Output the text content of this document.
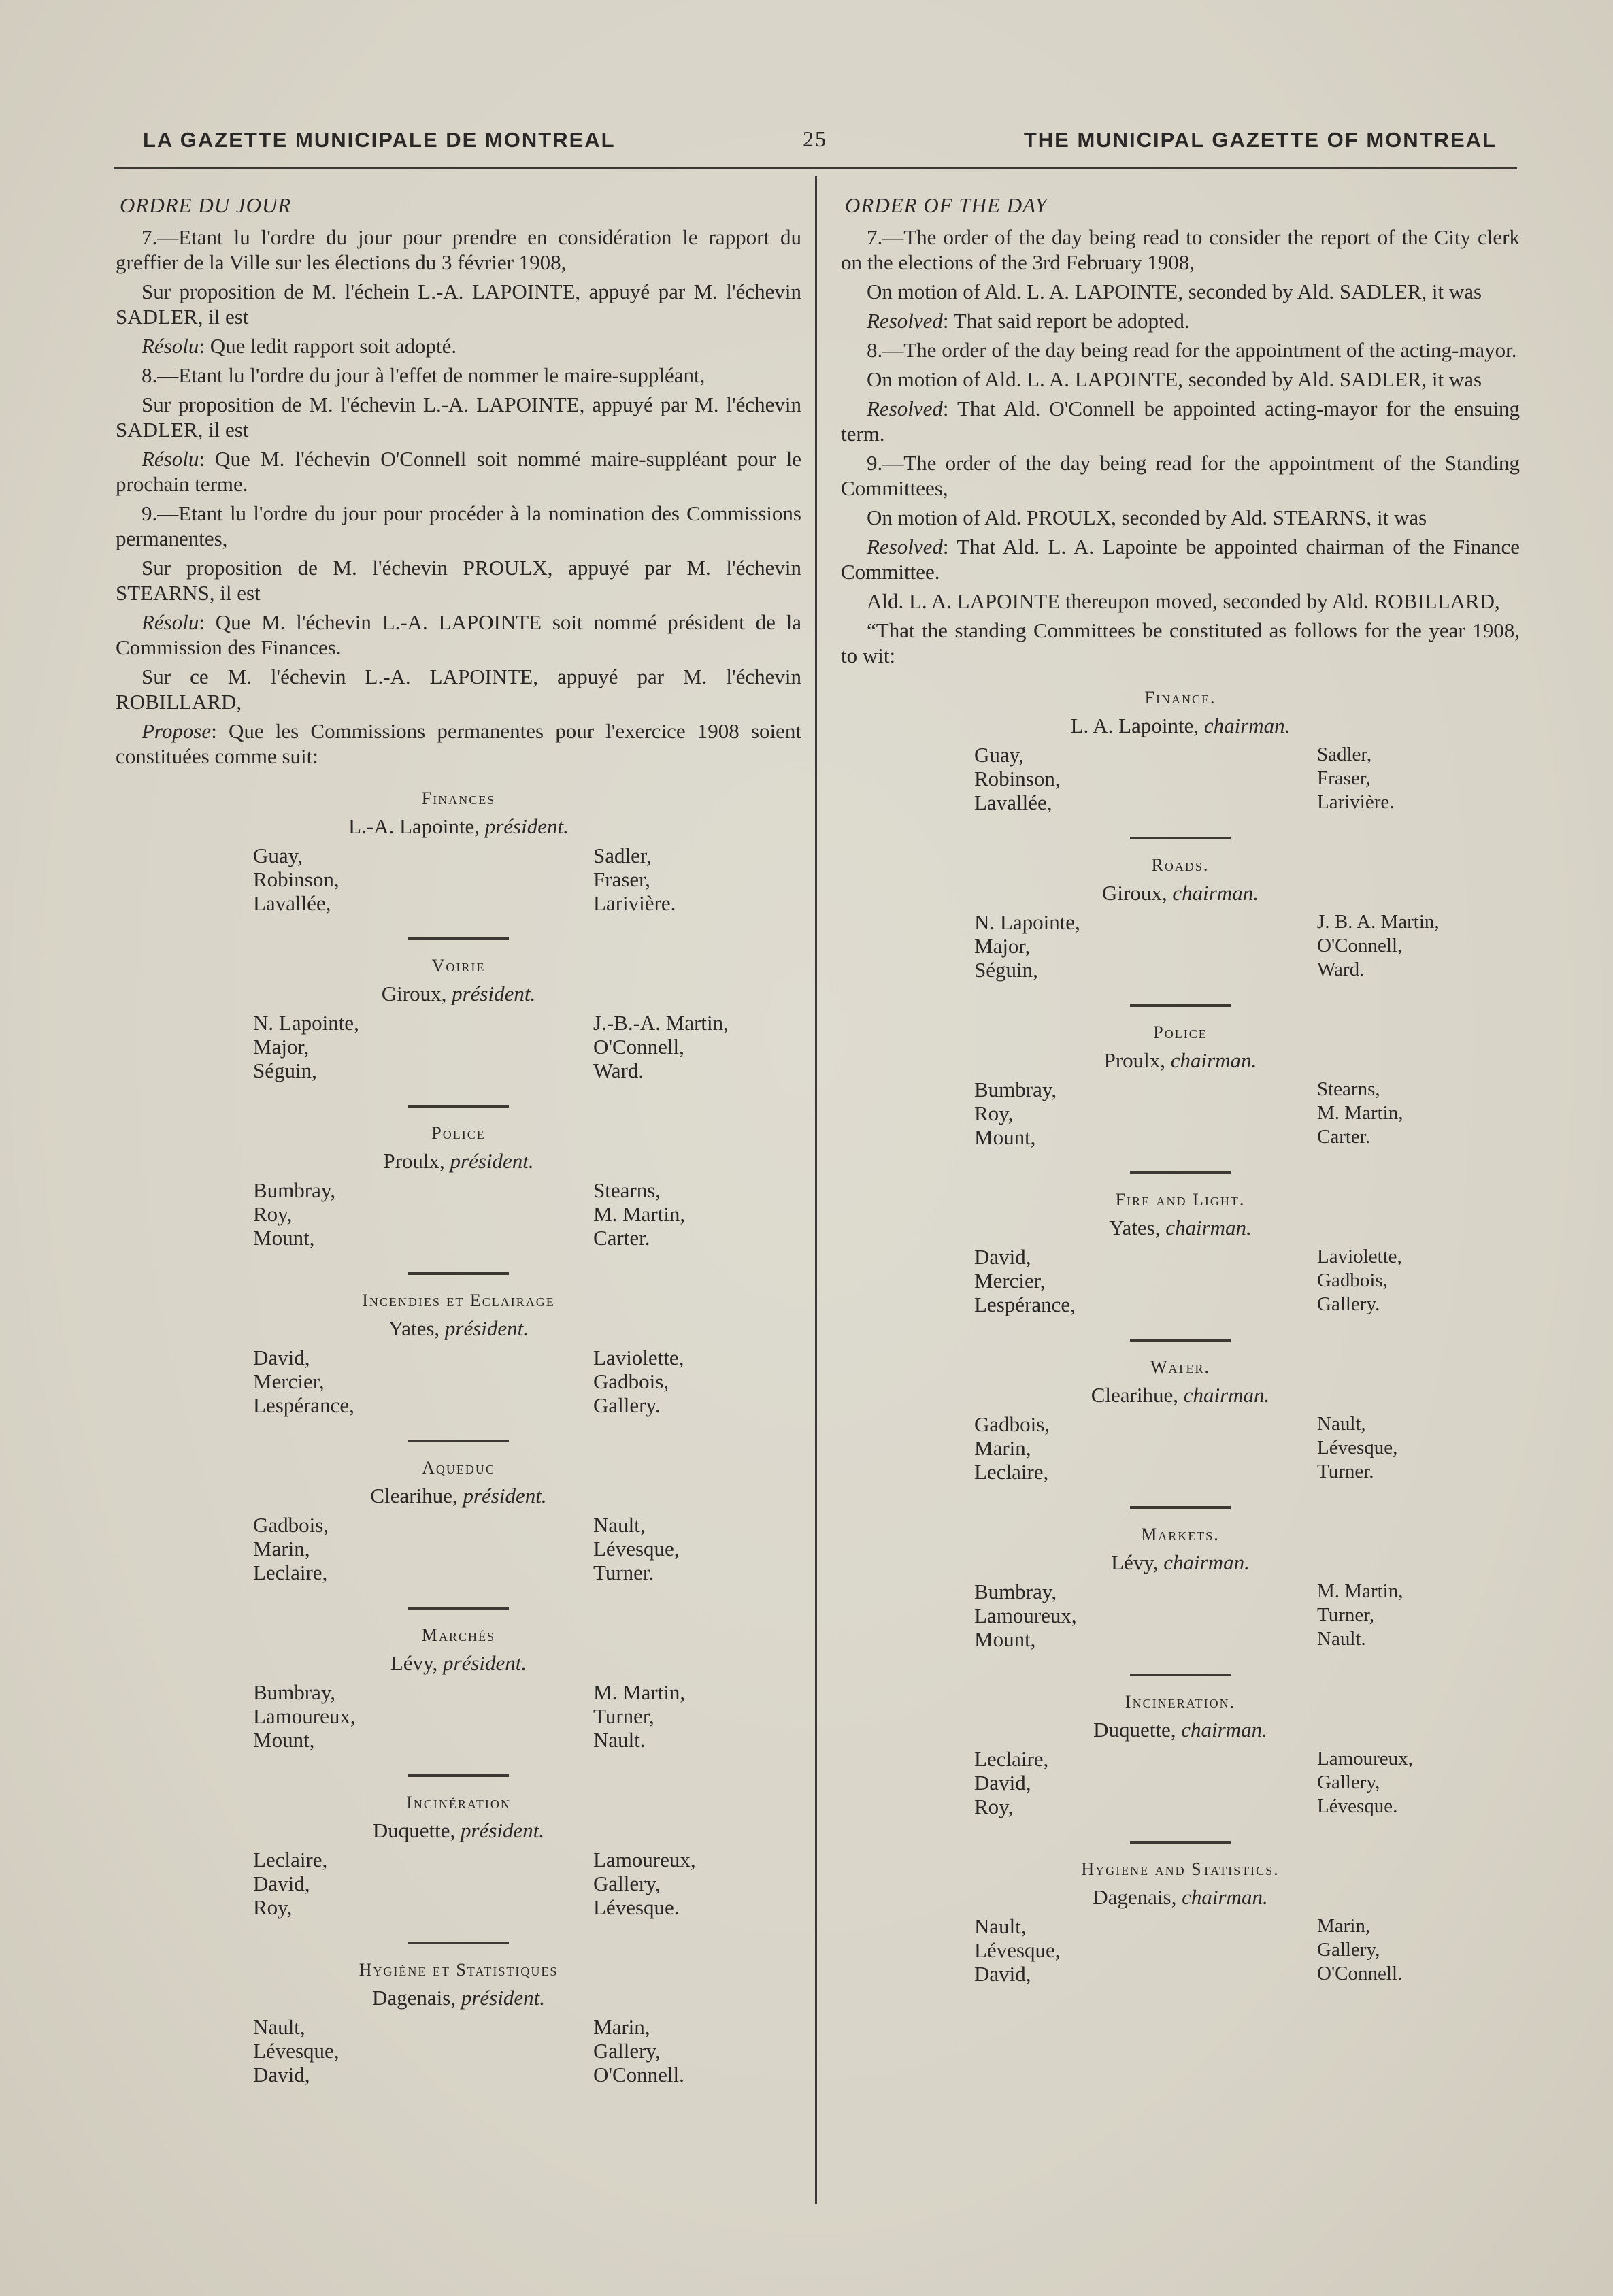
LA GAZETTE MUNICIPALE DE MONTREAL	25	THE MUNICIPAL GAZETTE OF MONTREAL
ORDRE DU JOUR

7.—Etant lu l'ordre du jour pour prendre en considération le rapport du greffier de la Ville sur les élections du 3 février 1908,

Sur proposition de M. l'échein L.-A. LAPOINTE, appuyé par M. l'échevin SADLER, il est

Résolu: Que ledit rapport soit adopté.

8.—Etant lu l'ordre du jour à l'effet de nommer le maire-suppléant,

Sur proposition de M. l'échevin L.-A. LAPOINTE, appuyé par M. l'échevin SADLER, il est

Résolu: Que M. l'échevin O'Connell soit nommé maire-suppléant pour le prochain terme.

9.—Etant lu l'ordre du jour pour procéder à la nomination des Commissions permanentes,

Sur proposition de M. l'échevin PROULX, appuyé par M. l'échevin STEARNS, il est

Résolu: Que M. l'échevin L.-A. LAPOINTE soit nommé président de la Commission des Finances.

Sur ce M. l'échevin L.-A. LAPOINTE, appuyé par M. l'échevin ROBILLARD,

Propose: Que les Commissions permanentes pour l'exercice 1908 soient constituées comme suit:

Finances
L.-A. Lapointe, président.
Guay,
Robinson,
Lavallée,
Sadler,
Fraser,
Larivière.
Voirie
Giroux, président.
N. Lapointe,
Major,
Séguin,
J.-B.-A. Martin,
O'Connell,
Ward.
Police
Proulx, président.
Bumbray,
Roy,
Mount,
Stearns,
M. Martin,
Carter.
Incendies et Eclairage
Yates, président.
David,
Mercier,
Lespérance,
Laviolette,
Gadbois,
Gallery.
Aqueduc
Clearihue, président.
Gadbois,
Marin,
Leclaire,
Nault,
Lévesque,
Turner.
Marchés
Lévy, président.
Bumbray,
Lamoureux,
Mount,
M. Martin,
Turner,
Nault.
Incinération
Duquette, président.
Leclaire,
David,
Roy,
Lamoureux,
Gallery,
Lévesque.
Hygiène et Statistiques
Dagenais, président.
Nault,
Lévesque,
David,
Marin,
Gallery,
O'Connell.
ORDER OF THE DAY

7.—The order of the day being read to consider the report of the City clerk on the elections of the 3rd February 1908,

On motion of Ald. L. A. LAPOINTE, seconded by Ald. SADLER, it was

Resolved: That said report be adopted.

8.—The order of the day being read for the appointment of the acting-mayor.

On motion of Ald. L. A. LAPOINTE, seconded by Ald. SADLER, it was

Resolved: That Ald. O'Connell be appointed acting-mayor for the ensuing term.

9.—The order of the day being read for the appointment of the Standing Committees,

On motion of Ald. PROULX, seconded by Ald. STEARNS, it was

Resolved: That Ald. L. A. Lapointe be appointed chairman of the Finance Committee.

Ald. L. A. LAPOINTE thereupon moved, seconded by Ald. ROBILLARD,

“That the standing Committees be constituted as follows for the year 1908, to wit:

Finance.
L. A. Lapointe, chairman.
Guay,
Robinson,
Lavallée,
Sadler,
Fraser,
Larivière.
Roads.
Giroux, chairman.
N. Lapointe,
Major,
Séguin,
J. B. A. Martin,
O'Connell,
Ward.
Police
Proulx, chairman.
Bumbray,
Roy,
Mount,
Stearns,
M. Martin,
Carter.
Fire and Light.
Yates, chairman.
David,
Mercier,
Lespérance,
Laviolette,
Gadbois,
Gallery.
Water.
Clearihue, chairman.
Gadbois,
Marin,
Leclaire,
Nault,
Lévesque,
Turner.
Markets.
Lévy, chairman.
Bumbray,
Lamoureux,
Mount,
M. Martin,
Turner,
Nault.
Incineration.
Duquette, chairman.
Leclaire,
David,
Roy,
Lamoureux,
Gallery,
Lévesque.
Hygiene and Statistics.
Dagenais, chairman.
Nault,
Lévesque,
David,
Marin,
Gallery,
O'Connell.
